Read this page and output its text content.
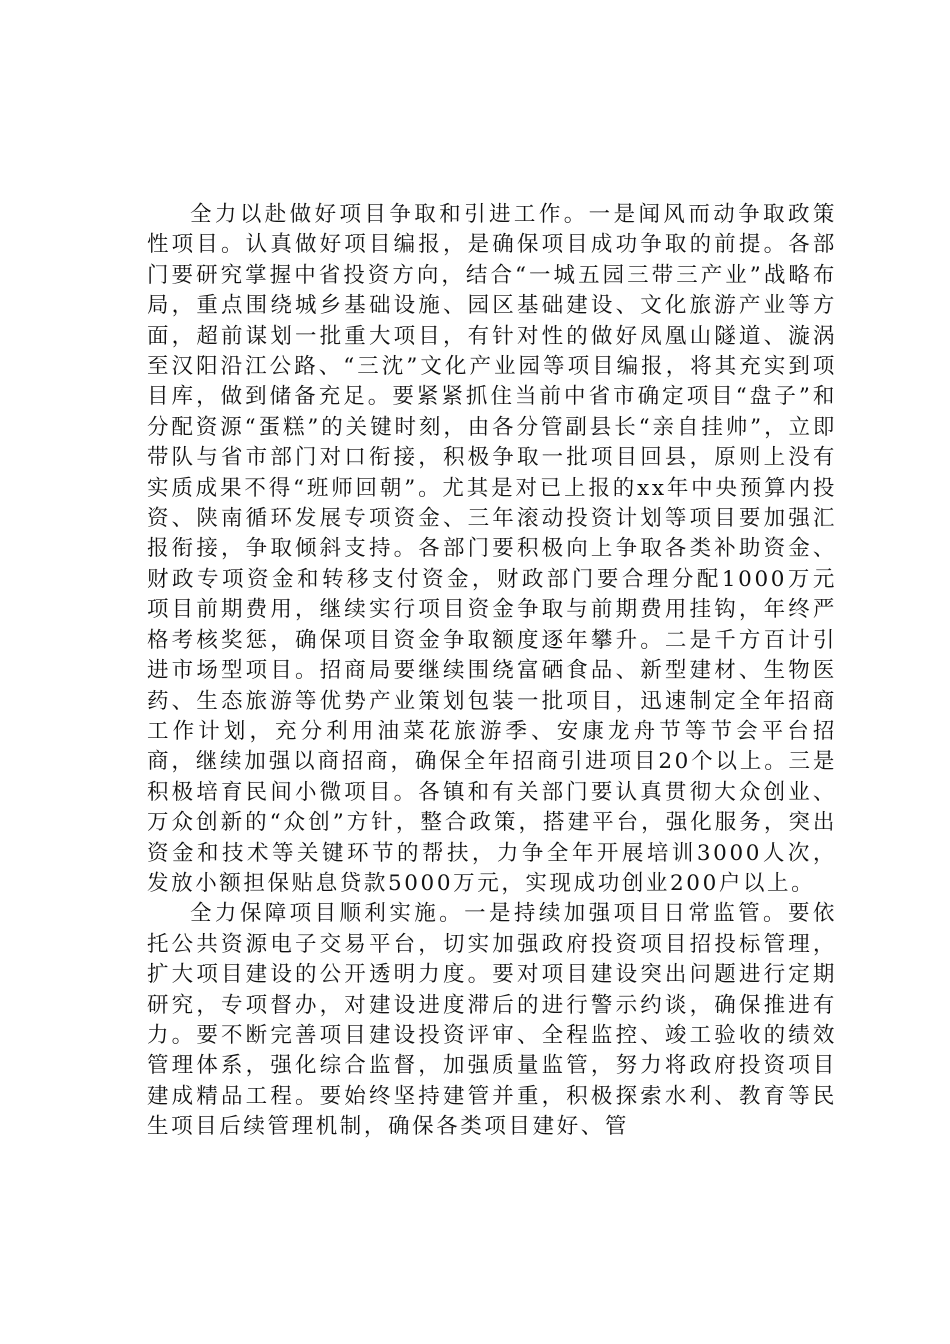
全力以赴做好项目争取和引进工作。一是闻风而动争取政策性项目。认真做好项目编报，是确保项目成功争取的前提。各部门要研究掌握中省投资方向，结合“一城五园三带三产业”战略布局，重点围绕城乡基础设施、园区基础建设、文化旅游产业等方面，超前谋划一批重大项目，有针对性的做好凤凰山隧道、漩涡至汉阳沿江公路、“三沈”文化产业园等项目编报，将其充实到项目库，做到储备充足。要紧紧抓住当前中省市确定项目“盘子”和分配资源“蛋糕”的关键时刻，由各分管副县长“亲自挂帅”，立即带队与省市部门对口衔接，积极争取一批项目回县，原则上没有实质成果不得“班师回朝”。尤其是对已上报的xx年中央预算内投资、陕南循环发展专项资金、三年滚动投资计划等项目要加强汇报衔接，争取倾斜支持。各部门要积极向上争取各类补助资金、财政专项资金和转移支付资金，财政部门要合理分配1000万元项目前期费用，继续实行项目资金争取与前期费用挂钩，年终严格考核奖惩，确保项目资金争取额度逐年攀升。二是千方百计引进市场型项目。招商局要继续围绕富硒食品、新型建材、生物医药、生态旅游等优势产业策划包装一批项目，迅速制定全年招商工作计划，充分利用油菜花旅游季、安康龙舟节等节会平台招商，继续加强以商招商，确保全年招商引进项目20个以上。三是积极培育民间小微项目。各镇和有关部门要认真贯彻大众创业、万众创新的“众创”方针，整合政策，搭建平台，强化服务，突出资金和技术等关键环节的帮扶，力争全年开展培训3000人次，发放小额担保贴息贷款5000万元，实现成功创业200户以上。

全力保障项目顺利实施。一是持续加强项目日常监管。要依托公共资源电子交易平台，切实加强政府投资项目招投标管理，扩大项目建设的公开透明力度。要对项目建设突出问题进行定期研究，专项督办，对建设进度滞后的进行警示约谈，确保推进有力。要不断完善项目建设投资评审、全程监控、竣工验收的绩效管理体系，强化综合监督，加强质量监管，努力将政府投资项目建成精品工程。要始终坚持建管并重，积极探索水利、教育等民生项目后续管理机制，确保各类项目建好、管
